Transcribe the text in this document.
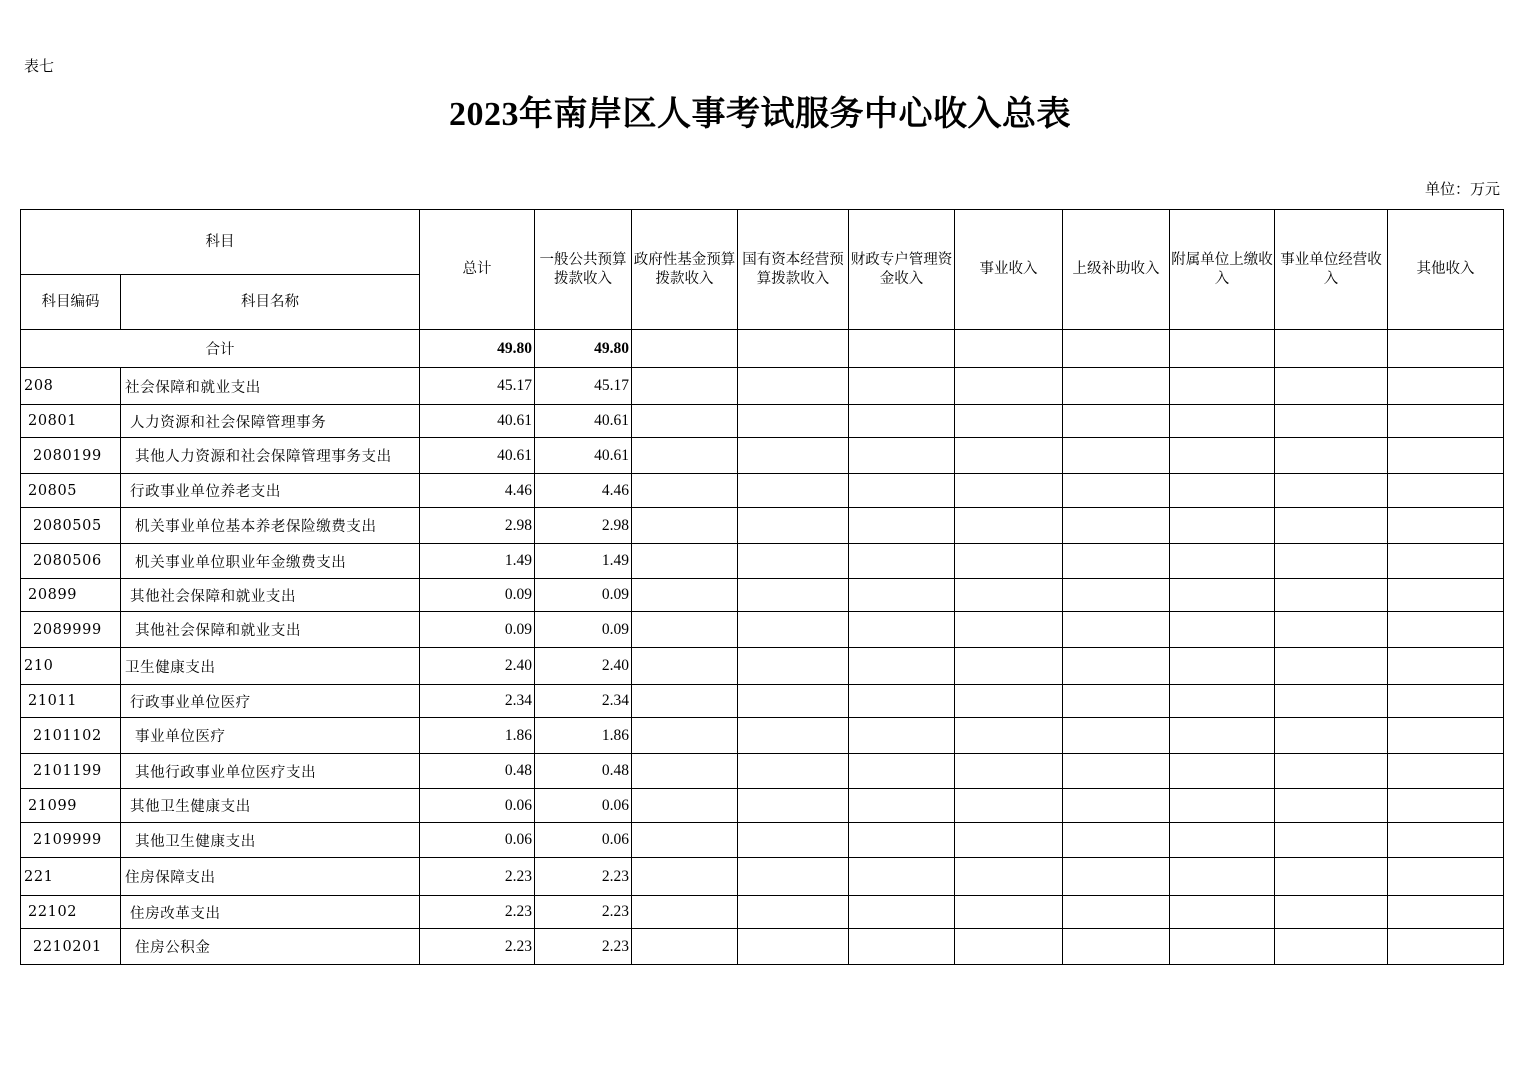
表七
2023年南岸区人事考试服务中心收入总表
单位：万元
科目		总计	一般公共预算拨款收入	政府性基金预算拨款收入	国有资本经营预算拨款收入	财政专户管理资金收入	事业收入	上级补助收入	附属单位上缴收入	事业单位经营收入	其他收入
科目编码	科目名称										
合计		49.80	49.80								
208	社会保障和就业支出	45.17	45.17								
20801	人力资源和社会保障管理事务	40.61	40.61								
2080199	其他人力资源和社会保障管理事务支出	40.61	40.61								
20805	行政事业单位养老支出	4.46	4.46								
2080505	机关事业单位基本养老保险缴费支出	2.98	2.98								
2080506	机关事业单位职业年金缴费支出	1.49	1.49								
20899	其他社会保障和就业支出	0.09	0.09								
2089999	其他社会保障和就业支出	0.09	0.09								
210	卫生健康支出	2.40	2.40								
21011	行政事业单位医疗	2.34	2.34								
2101102	事业单位医疗	1.86	1.86								
2101199	其他行政事业单位医疗支出	0.48	0.48								
21099	其他卫生健康支出	0.06	0.06								
2109999	其他卫生健康支出	0.06	0.06								
221	住房保障支出	2.23	2.23								
22102	住房改革支出	2.23	2.23								
2210201	住房公积金	2.23	2.23								
